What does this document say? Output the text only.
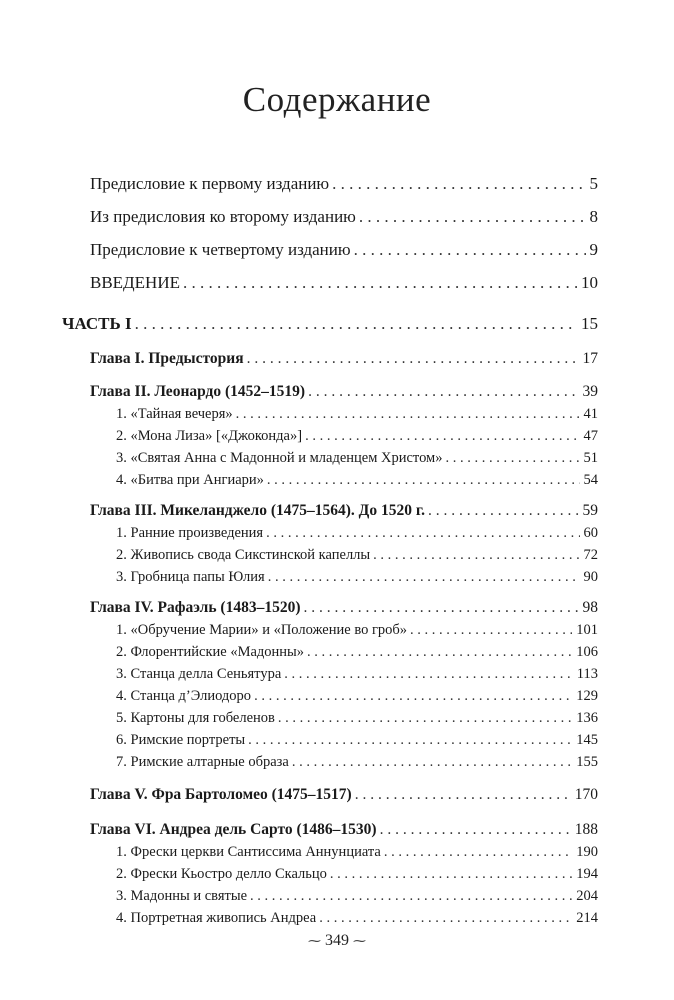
Содержание
Предисловие к первому изданию . . .	5
Из предисловия ко второму изданию . . .	8
Предисловие к четвертому изданию . . .	9
ВВЕДЕНИЕ . . .	10
ЧАСТЬ I . . .	15
Глава I. Предыстория . . .	17
Глава II. Леонардо (1452–1519) . . .	39
1. «Тайная вечеря» . . .	41
2. «Мона Лиза» [«Джоконда»] . . .	47
3. «Святая Анна с Мадонной и младенцем Христом» . . .	51
4. «Битва при Ангиари» . . .	54
Глава III. Микеланджело (1475–1564). До 1520 г. . . .	59
1. Ранние произведения . . .	60
2. Живопись свода Сикстинской капеллы . . .	72
3. Гробница папы Юлия . . .	90
Глава IV. Рафаэль (1483–1520) . . .	98
1. «Обручение Марии» и «Положение во гроб» . . .	101
2. Флорентийские «Мадонны» . . .	106
3. Станца делла Сеньятура . . .	113
4. Станца д’Элиодоро . . .	129
5. Картоны для гобеленов . . .	136
6. Римские портреты . . .	145
7. Римские алтарные образа . . .	155
Глава V. Фра Бартоломео (1475–1517) . . .	170
Глава VI. Андреа дель Сарто (1486–1530) . . .	188
1. Фрески церкви Сантиссима Аннунциата . . .	190
2. Фрески Кьостро делло Скальцо . . .	194
3. Мадонны и святые . . .	204
4. Портретная живопись Андреа . . .	214
⁓ 349 ⁓
